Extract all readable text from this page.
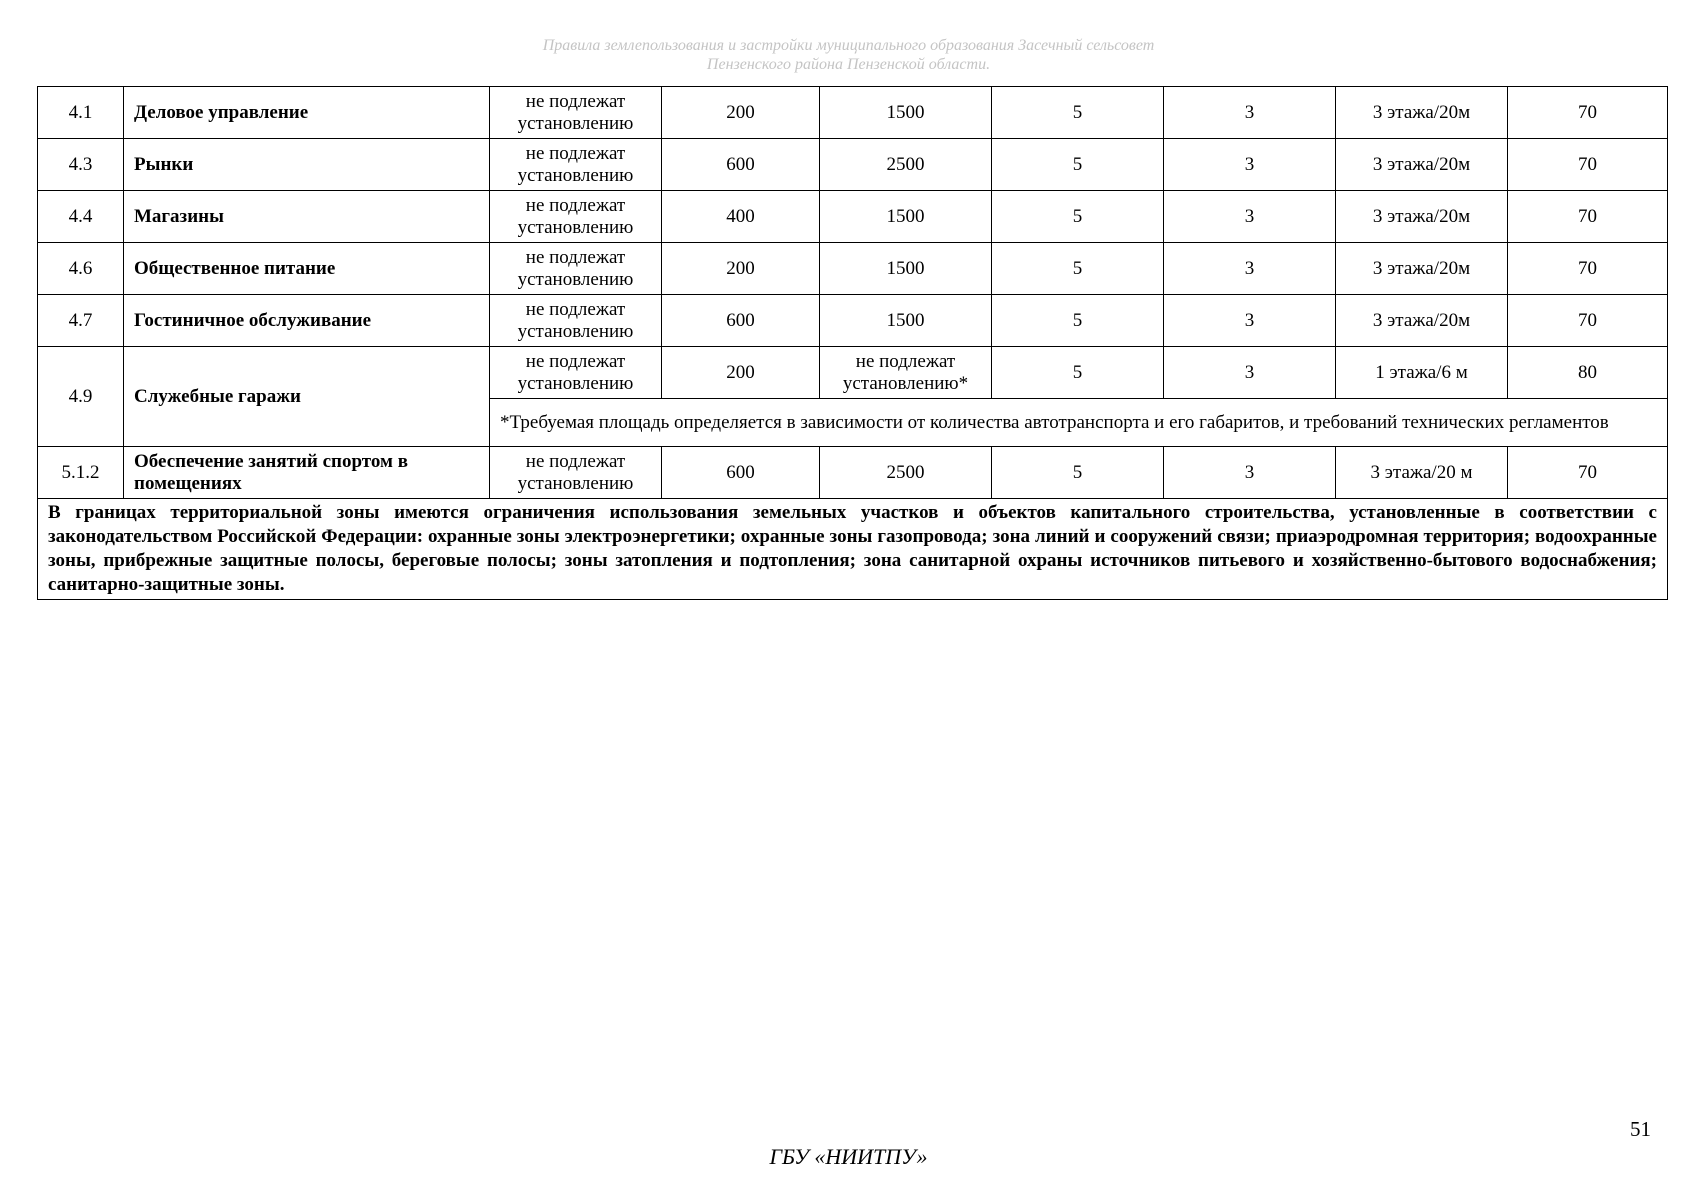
Правила землепользования и застройки муниципального образования Засечный сельсовет
Пензенского района Пензенской области.
4.1	Деловое управление	не подлежат установлению	200	1500	5	3	3 этажа/20м	70
4.3	Рынки	не подлежат установлению	600	2500	5	3	3 этажа/20м	70
4.4	Магазины	не подлежат установлению	400	1500	5	3	3 этажа/20м	70
4.6	Общественное питание	не подлежат установлению	200	1500	5	3	3 этажа/20м	70
4.7	Гостиничное обслуживание	не подлежат установлению	600	1500	5	3	3 этажа/20м	70
4.9	Служебные гаражи	не подлежат установлению	200	не подлежат установлению*	5	3	1 этажа/6 м	80
		*Требуемая площадь определяется в зависимости от количества автотранспорта и его габаритов, и требований технических регламентов						
5.1.2	Обеспечение занятий спортом в помещениях	не подлежат установлению	600	2500	5	3	3 этажа/20 м	70
В границах территориальной зоны имеются ограничения использования земельных участков и объектов капитального строительства, установленные в соответствии с законодательством Российской Федерации: охранные зоны электроэнергетики; охранные зоны газопровода; зона линий и сооружений связи; приаэродромная территория; водоохранные зоны, прибрежные защитные полосы, береговые полосы; зоны затопления и подтопления; зона санитарной охраны источников питьевого и хозяйственно-бытового водоснабжения; санитарно-защитные зоны.								
51
ГБУ «НИИТПУ»
